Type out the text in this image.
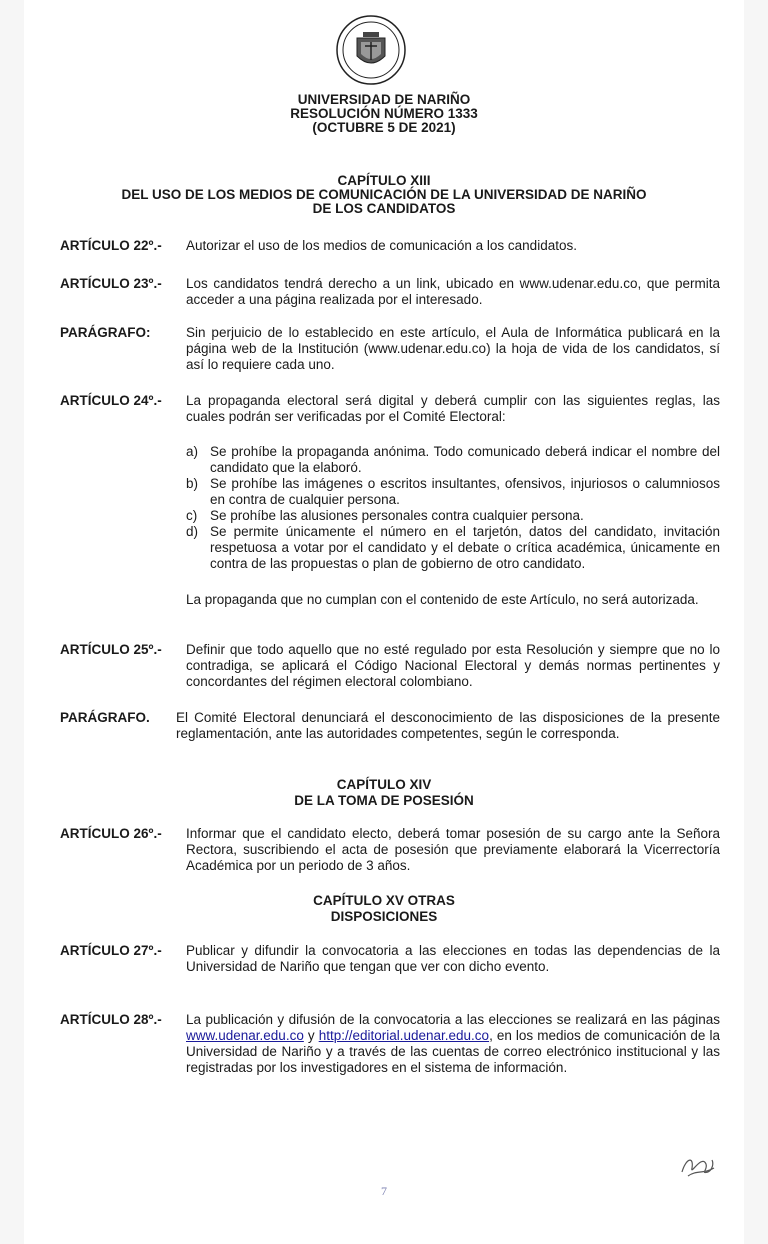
UNIVERSIDAD DE NARIÑO
RESOLUCIÓN NÚMERO 1333
(OCTUBRE 5 DE 2021)
CAPÍTULO XIII
DEL USO DE LOS MEDIOS DE COMUNICACIÓN DE LA UNIVERSIDAD DE NARIÑO
DE LOS CANDIDATOS
ARTÍCULO 22º.- Autorizar el uso de los medios de comunicación a los candidatos.
ARTÍCULO 23º.- Los candidatos tendrá derecho a un link, ubicado en www.udenar.edu.co, que permita acceder a una página realizada por el interesado.
PARÁGRAFO:	Sin perjuicio de lo establecido en este artículo, el Aula de Informática publicará en la página web de la Institución (www.udenar.edu.co) la hoja de vida de los candidatos, sí así lo requiere cada uno.
ARTÍCULO 24º.- La propaganda electoral será digital y deberá cumplir con las siguientes reglas, las cuales podrán ser verificadas por el Comité Electoral:
a) Se prohíbe la propaganda anónima. Todo comunicado deberá indicar el nombre del candidato que la elaboró.
b) Se prohíbe las imágenes o escritos insultantes, ofensivos, injuriosos o calumniosos en contra de cualquier persona.
c) Se prohíbe las alusiones personales contra cualquier persona.
d) Se permite únicamente el número en el tarjetón, datos del candidato, invitación respetuosa a votar por el candidato y el debate o crítica académica, únicamente en contra de las propuestas o plan de gobierno de otro candidato.
La propaganda que no cumplan con el contenido de este Artículo, no será autorizada.
ARTÍCULO 25º.- Definir que todo aquello que no esté regulado por esta Resolución y siempre que no lo contradiga, se aplicará el Código Nacional Electoral y demás normas pertinentes y concordantes del régimen electoral colombiano.
PARÁGRAFO. El Comité Electoral denunciará el desconocimiento de las disposiciones de la presente reglamentación, ante las autoridades competentes, según le corresponda.
CAPÍTULO XIV
DE LA TOMA DE POSESIÓN
ARTÍCULO 26º.- Informar que el candidato electo, deberá tomar posesión de su cargo ante la Señora Rectora, suscribiendo el acta de posesión que previamente elaborará la Vicerrectoría Académica por un periodo de 3 años.
CAPÍTULO XV OTRAS
DISPOSICIONES
ARTÍCULO 27º.- Publicar y difundir la convocatoria a las elecciones en todas las dependencias de la Universidad de Nariño que tengan que ver con dicho evento.
ARTÍCULO 28º.- La publicación y difusión de la convocatoria a las elecciones se realizará en las páginas www.udenar.edu.co y http://editorial.udenar.edu.co, en los medios de comunicación de la Universidad de Nariño y a través de las cuentas de correo electrónico institucional y las registradas por los investigadores en el sistema de información.
7
